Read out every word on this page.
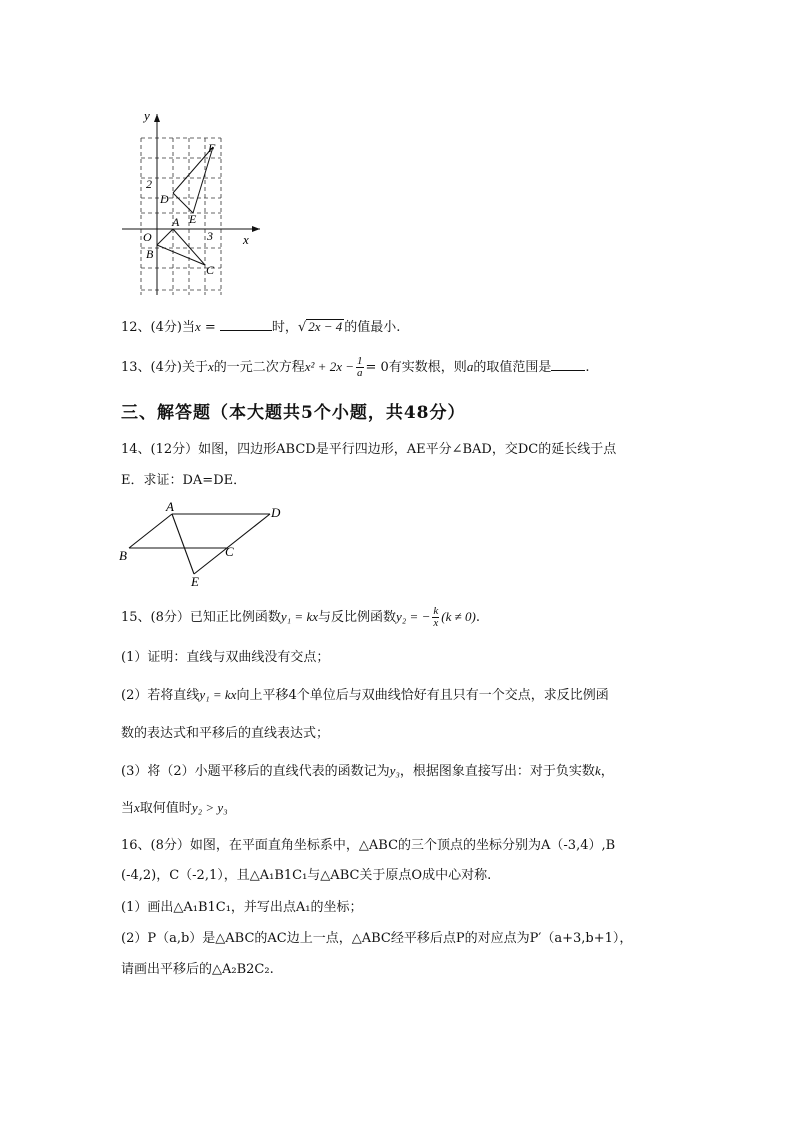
y
x
2
3
O
F
D
E
A
B
C
12、(4分)当x =	时，√ 2x − 4 的值最小.
13、(4分)关于x的一元二次方程$x^2 + 2x - \frac{1}{a} = 0$有实数根，则a的取值范围是	.
三、解答题（本大题共5个小题，共48分）
14、(12分）如图，四边形ABCD是平行四边形，AE平分∠BAD，交DC的延长线于点
E．求证：DA=DE．
A	D
B	C
E
15、(8分）已知正比例函数y₁ = kx与反比例函数y₂ = − $\frac{k}{x} (k \ne 0)$.
(1）证明：直线与双曲线没有交点；
(2）若将直线y₁ = kx向上平移4个单位后与双曲线恰好有且只有一个交点，求反比例函
数的表达式和平移后的直线表达式；
(3）将（2）小题平移后的直线代表的函数记为y₃，根据图象直接写出：对于负实数k，
当x取何值时y₂ > y₃
16、(8分）如图，在平面直角坐标系中，△ABC的三个顶点的坐标分别为A（-3,4）,B
(-4,2)，C（-2,1），且△A₁B1C₁与△ABC关于原点O成中心对称.
(1）画出△A₁B1C₁，并写出点A₁的坐标；
(2）P（a,b）是△ABC的AC边上一点，△ABC经平移后点P的对应点为P′（a+3,b+1），
请画出平移后的△A₂B2C₂.
